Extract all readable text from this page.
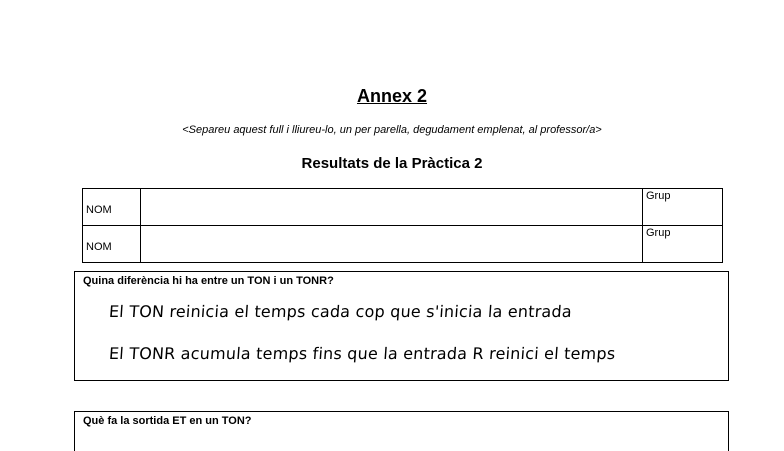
Annex 2
<Separeu aquest full i lliureu-lo, un per parella, degudament emplenat, al professor/a>
Resultats de la Pràctica 2
NOM		Grup
NOM		Grup
Quina diferència hi ha entre un TON i un TONR?
El TON reinicia el temps cada cop que s'inicia la entrada
El TONR acumula temps fins que la entrada R reinici el temps
Què fa la sortida ET en un TON?
